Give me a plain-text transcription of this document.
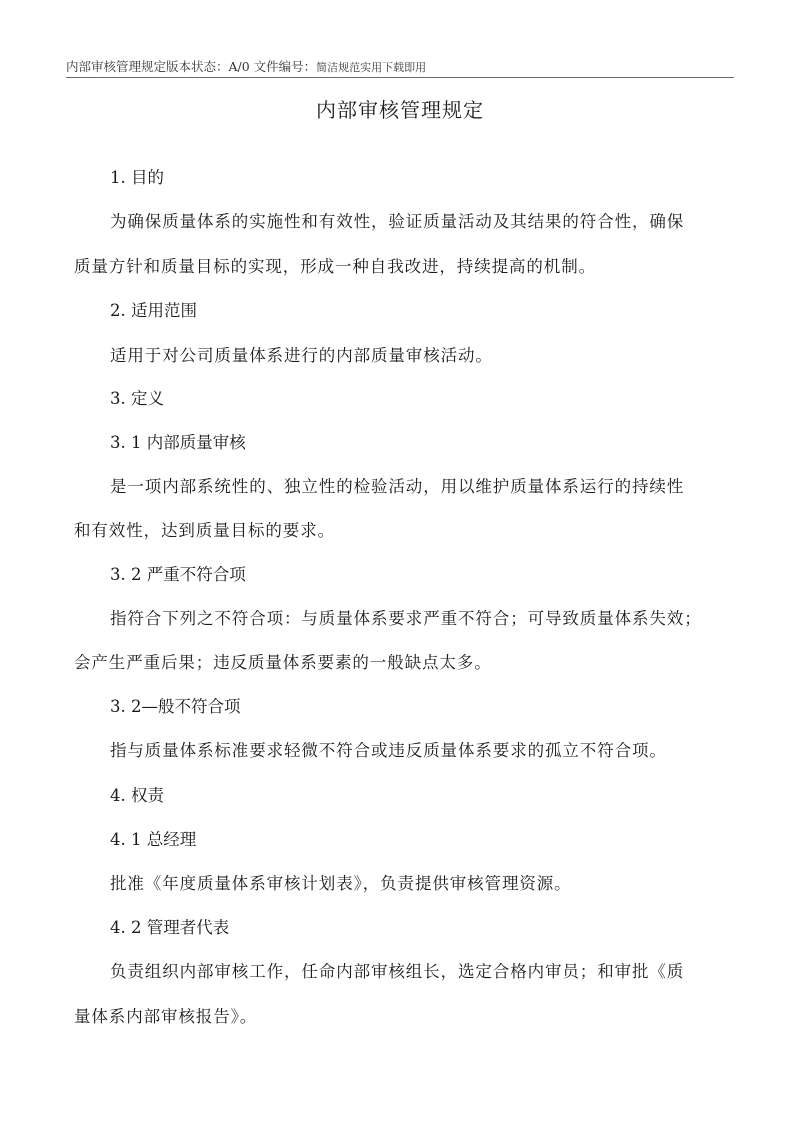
内部审核管理规定版本状态：A/0 文件编号：简洁规范实用下载即用
内部审核管理规定
1. 目的
为确保质量体系的实施性和有效性，验证质量活动及其结果的符合性，确保
质量方针和质量目标的实现，形成一种自我改进，持续提高的机制。
2. 适用范围
适用于对公司质量体系进行的内部质量审核活动。
3. 定义
3. 1 内部质量审核
是一项内部系统性的、独立性的检验活动，用以维护质量体系运行的持续性
和有效性，达到质量目标的要求。
3. 2 严重不符合项
指符合下列之不符合项：与质量体系要求严重不符合；可导致质量体系失效；
会产生严重后果；违反质量体系要素的一般缺点太多。
3. 2—般不符合项
指与质量体系标准要求轻微不符合或违反质量体系要求的孤立不符合项。
4. 权责
4. 1 总经理
批准《年度质量体系审核计划表》，负责提供审核管理资源。
4. 2 管理者代表
负责组织内部审核工作，任命内部审核组长，选定合格内审员；和审批《质
量体系内部审核报告》。
